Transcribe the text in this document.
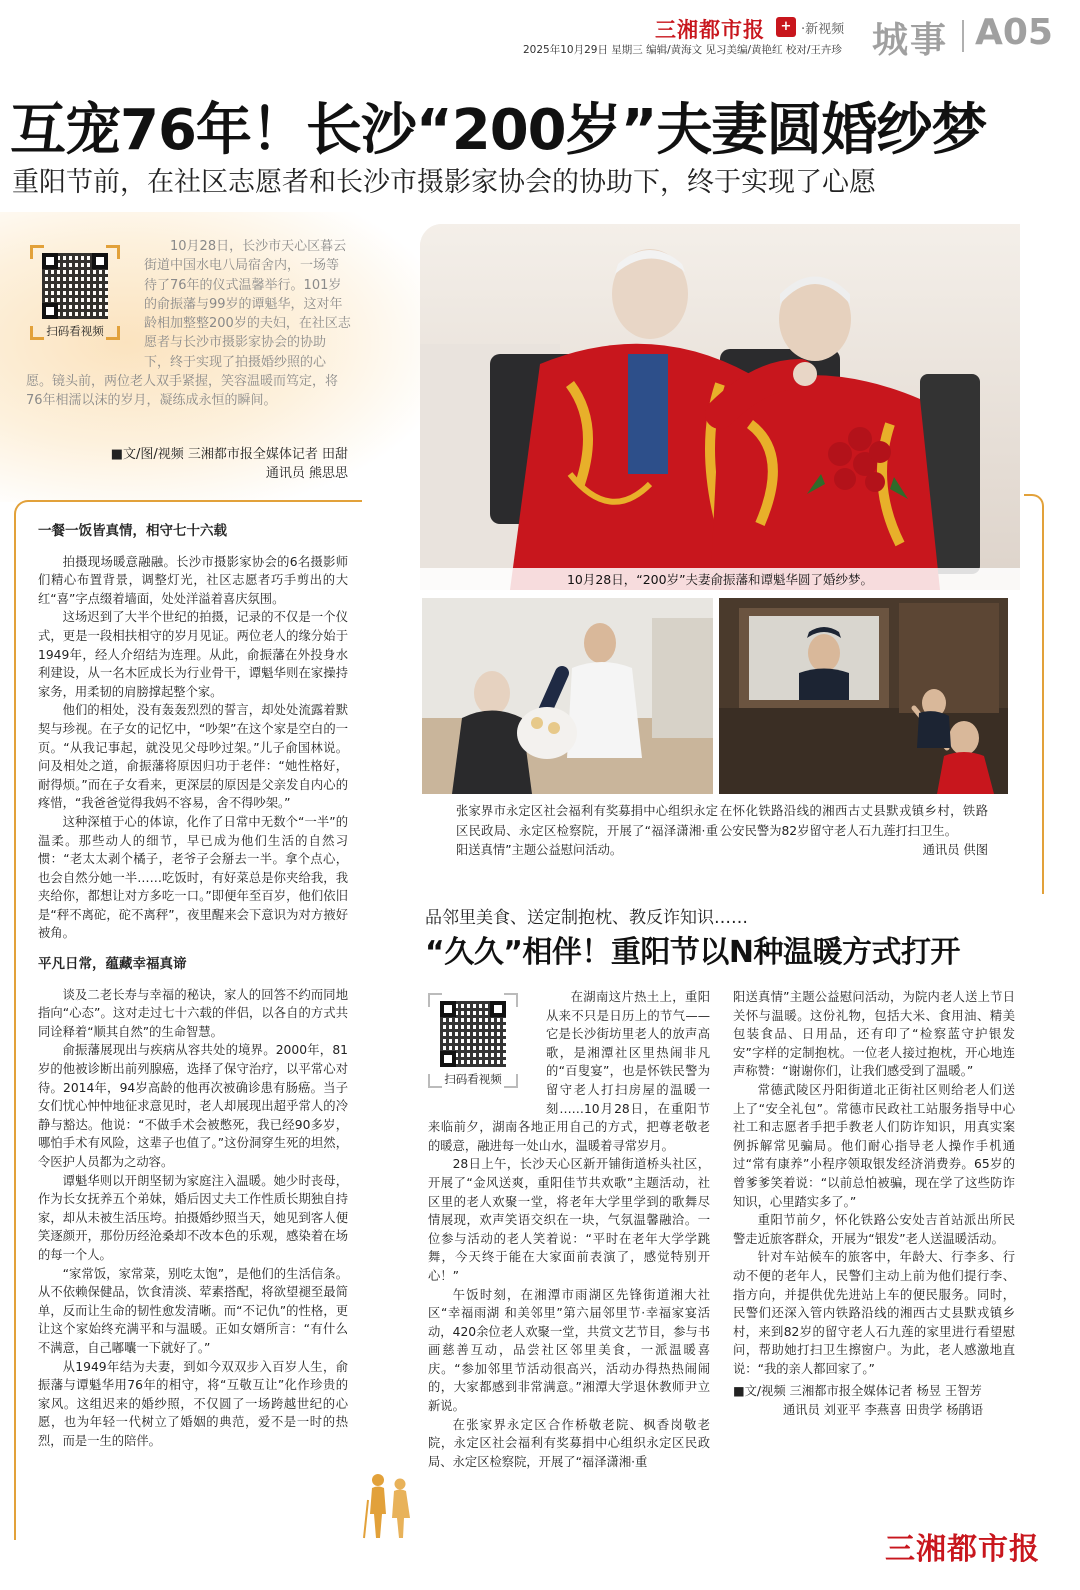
三湘都市报	+ ·新视频
2025年10月29日 星期三 编辑/黄海文 见习美编/黄艳红 校对/王卉珍 城事 A05
互宠76年！长沙“200岁”夫妻圆婚纱梦
重阳节前，在社区志愿者和长沙市摄影家协会的协助下，终于实现了心愿

10月28日，长沙市天心区暮云街道中国水电八局宿舍内，一场等待了76年的仪式温馨举行。101岁的俞振藩与99岁的谭魁华，这对年龄相加整整200岁的夫妇，在社区志愿者与长沙市摄影家协会的协助下，终于实现了拍摄婚纱照的心愿。镜头前，两位老人双手紧握，笑容温暖而笃定，将76年相濡以沫的岁月，凝练成永恒的瞬间。

扫码看视频
■文/图/视频 三湘都市报全媒体记者 田甜
通讯员 熊思思
一餐一饭皆真情，相守七十六载

拍摄现场暖意融融。长沙市摄影家协会的6名摄影师们精心布置背景，调整灯光，社区志愿者巧手剪出的大红“喜”字点缀着墙面，处处洋溢着喜庆氛围。

这场迟到了大半个世纪的拍摄，记录的不仅是一个仪式，更是一段相扶相守的岁月见证。两位老人的缘分始于1949年，经人介绍结为连理。从此，俞振藩在外投身水利建设，从一名木匠成长为行业骨干，谭魁华则在家操持家务，用柔韧的肩膀撑起整个家。

他们的相处，没有轰轰烈烈的誓言，却处处流露着默契与珍视。在子女的记忆中，“吵架”在这个家是空白的一页。“从我记事起，就没见父母吵过架。”儿子俞国林说。问及相处之道，俞振藩将原因归功于老伴：“她性格好，耐得烦。”而在子女看来，更深层的原因是父亲发自内心的疼惜，“我爸爸觉得我妈不容易，舍不得吵架。”

这种深植于心的体谅，化作了日常中无数个“一半”的温柔。那些动人的细节，早已成为他们生活的自然习惯：“老太太剥个橘子，老爷子会掰去一半。拿个点心，也会自然分她一半……吃饭时，有好菜总是你夹给我，我夹给你，都想让对方多吃一口。”即便年至百岁，他们依旧是“秤不离砣，砣不离秤”，夜里醒来会下意识为对方掖好被角。

平凡日常，蕴藏幸福真谛

谈及二老长寿与幸福的秘诀，家人的回答不约而同地指向“心态”。这对走过七十六载的伴侣，以各自的方式共同诠释着“顺其自然”的生命智慧。

俞振藩展现出与疾病从容共处的境界。2000年，81岁的他被诊断出前列腺癌，选择了保守治疗，以平常心对待。2014年，94岁高龄的他再次被确诊患有肠癌。当子女们忧心忡忡地征求意见时，老人却展现出超乎常人的冷静与豁达。他说：“不做手术会被憋死，我已经90多岁，哪怕手术有风险，这辈子也值了。”这份洞穿生死的坦然，令医护人员都为之动容。

谭魁华则以开朗坚韧为家庭注入温暖。她少时丧母，作为长女抚养五个弟妹，婚后因丈夫工作性质长期独自持家，却从未被生活压垮。拍摄婚纱照当天，她见到客人便笑逐颜开，那份历经沧桑却不改本色的乐观，感染着在场的每一个人。

“家常饭，家常菜，别吃太饱”，是他们的生活信条。从不依赖保健品，饮食清淡、荤素搭配，将欲望褪至最简单，反而让生命的韧性愈发清晰。而“不记仇”的性格，更让这个家始终充满平和与温暖。正如女婿所言：“有什么不满意，自己嘟囔一下就好了。”

从1949年结为夫妻，到如今双双步入百岁人生，俞振藩与谭魁华用76年的相守，将“互敬互让”化作珍贵的家风。这组迟来的婚纱照，不仅圆了一场跨越世纪的心愿，也为年轻一代树立了婚姻的典范，爱不是一时的热烈，而是一生的陪伴。

10月28日，“200岁”夫妻俞振藩和谭魁华圆了婚纱梦。
张家界市永定区社会福利有奖募捐中心组织永定区民政局、永定区检察院，开展了“福泽潇湘·重阳送真情”主题公益慰问活动。
在怀化铁路沿线的湘西古丈县默戎镇乡村，铁路公安民警为82岁留守老人石九莲打扫卫生。
通讯员 供图
品邻里美食、送定制抱枕、教反诈知识……
“久久”相伴！重阳节以N种温暖方式打开

在湖南这片热土上，重阳从来不只是日历上的节气——它是长沙街坊里老人的放声高歌，是湘潭社区里热闹非凡的“百叟宴”，也是怀铁民警为留守老人打扫房屋的温暖一刻……10月28日，在重阳节来临前夕，湖南各地正用自己的方式，把尊老敬老的暖意，融进每一处山水，温暖着寻常岁月。

28日上午，长沙天心区新开铺街道桥头社区，开展了“金风送爽，重阳佳节共欢歌”主题活动，社区里的老人欢聚一堂，将老年大学里学到的歌舞尽情展现，欢声笑语交织在一块，气氛温馨融洽。一位参与活动的老人笑着说：“平时在老年大学学跳舞，今天终于能在大家面前表演了，感觉特别开心！”

午饭时刻，在湘潭市雨湖区先锋街道湘大社区“幸福雨湖 和美邻里”第六届邻里节·幸福家宴活动，420余位老人欢聚一堂，共赏文艺节目，参与书画慈善互动，品尝社区邻里美食，一派温暖喜庆。“参加邻里节活动很高兴，活动办得热热闹闹的，大家都感到非常满意。”湘潭大学退休教师尹立新说。

在张家界永定区合作桥敬老院、枫香岗敬老院，永定区社会福利有奖募捐中心组织永定区民政局、永定区检察院，开展了“福泽潇湘·重

扫码看视频

阳送真情”主题公益慰问活动，为院内老人送上节日关怀与温暖。这份礼物，包括大米、食用油、精美包装食品、日用品，还有印了“检察蓝守护银发安”字样的定制抱枕。一位老人接过抱枕，开心地连声称赞：“谢谢你们，让我们感受到了温暖。”

常德武陵区丹阳街道北正街社区则给老人们送上了“安全礼包”。常德市民政社工站服务指导中心社工和志愿者手把手教老人们防诈知识，用真实案例拆解常见骗局。他们耐心指导老人操作手机通过“常有康养”小程序领取银发经济消费券。65岁的曾爹爹笑着说：“以前总怕被骗，现在学了这些防诈知识，心里踏实多了。”

重阳节前夕，怀化铁路公安处吉首站派出所民警走近旅客群众，开展为“银发”老人送温暖活动。

针对车站候车的旅客中，年龄大、行李多、行动不便的老年人，民警们主动上前为他们提行李、指方向，并提供优先进站上车的便民服务。同时，民警们还深入管内铁路沿线的湘西古丈县默戎镇乡村，来到82岁的留守老人石九莲的家里进行看望慰问，帮助她打扫卫生擦窗户。为此，老人感激地直说：“我的亲人都回家了。”

■文/视频 三湘都市报全媒体记者 杨昱 王智芳
通讯员 刘亚平 李燕喜 田贵学 杨鹃语

三湘都市报
